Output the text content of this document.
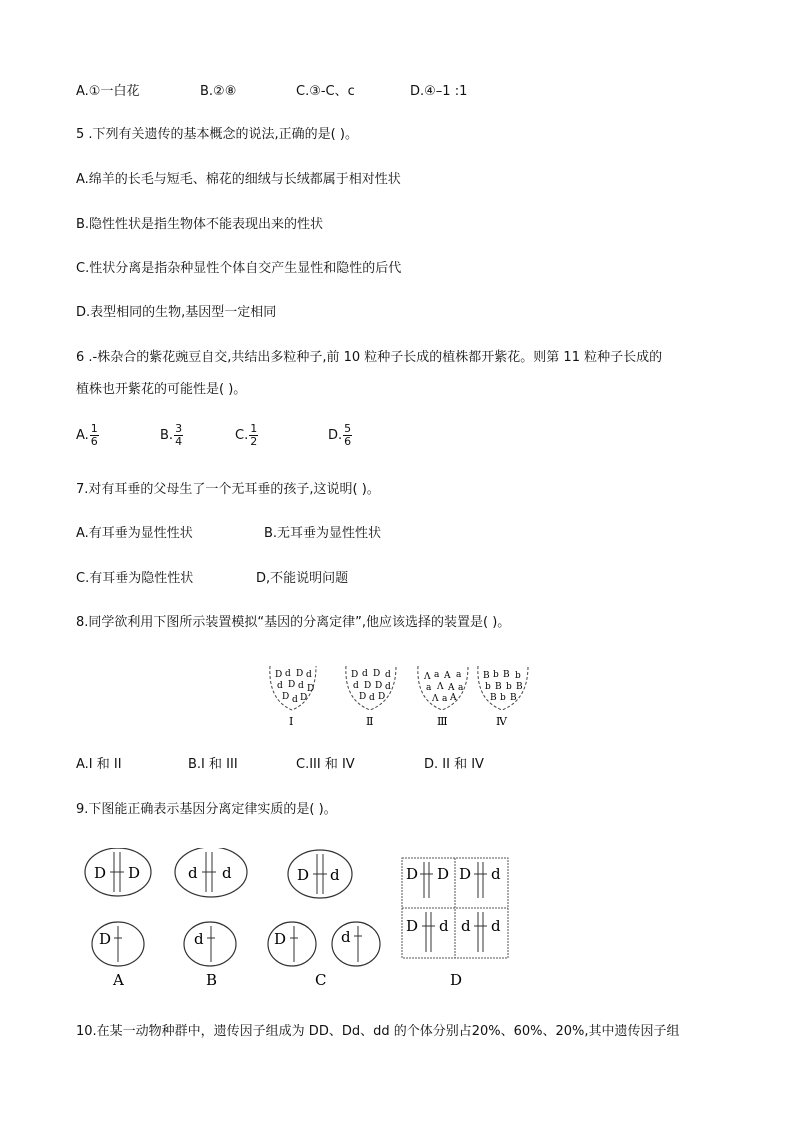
A.①一白花	B.②⑧	C.③-C、c	D.④–1 :1
5 .下列有关遗传的基本概念的说法,正确的是( )。
A.绵羊的长毛与短毛、棉花的细绒与长绒都属于相对性状
B.隐性性状是指生物体不能表现出来的性状
C.性状分离是指杂种显性个体自交产生显性和隐性的后代
D.表型相同的生物,基因型一定相同
6 .-株杂合的紫花豌豆自交,共结出多粒种子,前 10 粒种子长成的植株都开紫花。则第 11 粒种子长成的
植株也开紫花的可能性是( )。
A. $\frac{1}{6}$	B. $\frac{3}{4}$	C. $\frac{1}{2}$	D. $\frac{5}{6}$
7.对有耳垂的父母生了一个无耳垂的孩子,这说明( )。
A.有耳垂为显性性状	B.无耳垂为显性性状
C.有耳垂为隐性性状	D,不能说明问题
8.同学欲利用下图所示装置模拟“基因的分离定律”,他应该选择的装置是( )。
D d D d
d D d D
D d D
Ⅰ
D d D d
d D D d
D d D
Ⅱ
Λ a A a
a Λ A a
Λ a A
Ⅲ
B b B b
b B b B
B b B
Ⅳ
A.I 和 II	B.I 和 III	C.III 和 IV	D. II 和 IV
9.下图能正确表示基因分离定律实质的是( )。
D D
D
A
d d
d
B
D d
D	d
C
D D D d
D d d d
D
10.在某一动物种群中，遗传因子组成为 DD、Dd、dd 的个体分别占20%、60%、20%,其中遗传因子组
